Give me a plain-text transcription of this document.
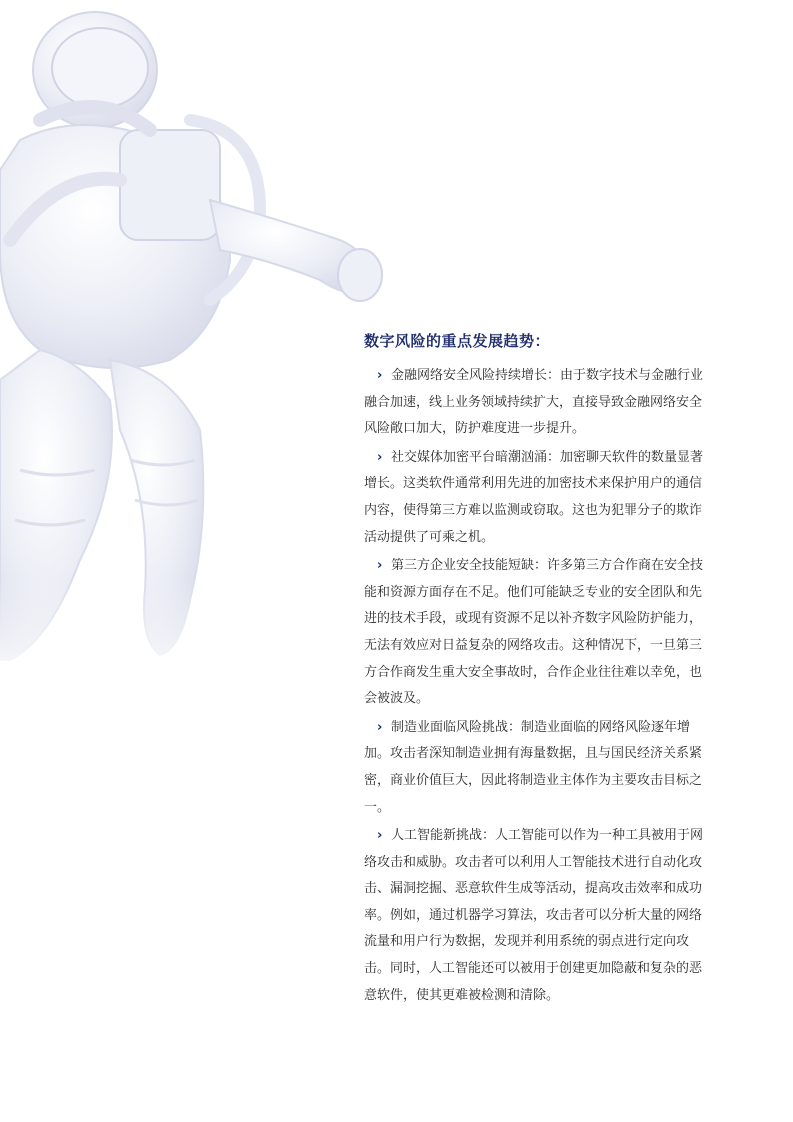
数字风险的重点发展趋势：

› 金融网络安全风险持续增长：由于数字技术与金融行业融合加速，线上业务领域持续扩大，直接导致金融网络安全风险敞口加大，防护难度进一步提升。

› 社交媒体加密平台暗潮汹涌：加密聊天软件的数量显著增长。这类软件通常利用先进的加密技术来保护用户的通信内容，使得第三方难以监测或窃取。这也为犯罪分子的欺诈活动提供了可乘之机。

› 第三方企业安全技能短缺：许多第三方合作商在安全技能和资源方面存在不足。他们可能缺乏专业的安全团队和先进的技术手段，或现有资源不足以补齐数字风险防护能力，无法有效应对日益复杂的网络攻击。这种情况下，一旦第三方合作商发生重大安全事故时，合作企业往往难以幸免，也会被波及。

› 制造业面临风险挑战：制造业面临的网络风险逐年增加。攻击者深知制造业拥有海量数据，且与国民经济关系紧密，商业价值巨大，因此将制造业主体作为主要攻击目标之一。

› 人工智能新挑战：人工智能可以作为一种工具被用于网络攻击和威胁。攻击者可以利用人工智能技术进行自动化攻击、漏洞挖掘、恶意软件生成等活动，提高攻击效率和成功率。例如，通过机器学习算法，攻击者可以分析大量的网络流量和用户行为数据，发现并利用系统的弱点进行定向攻击。同时，人工智能还可以被用于创建更加隐蔽和复杂的恶意软件，使其更难被检测和清除。
